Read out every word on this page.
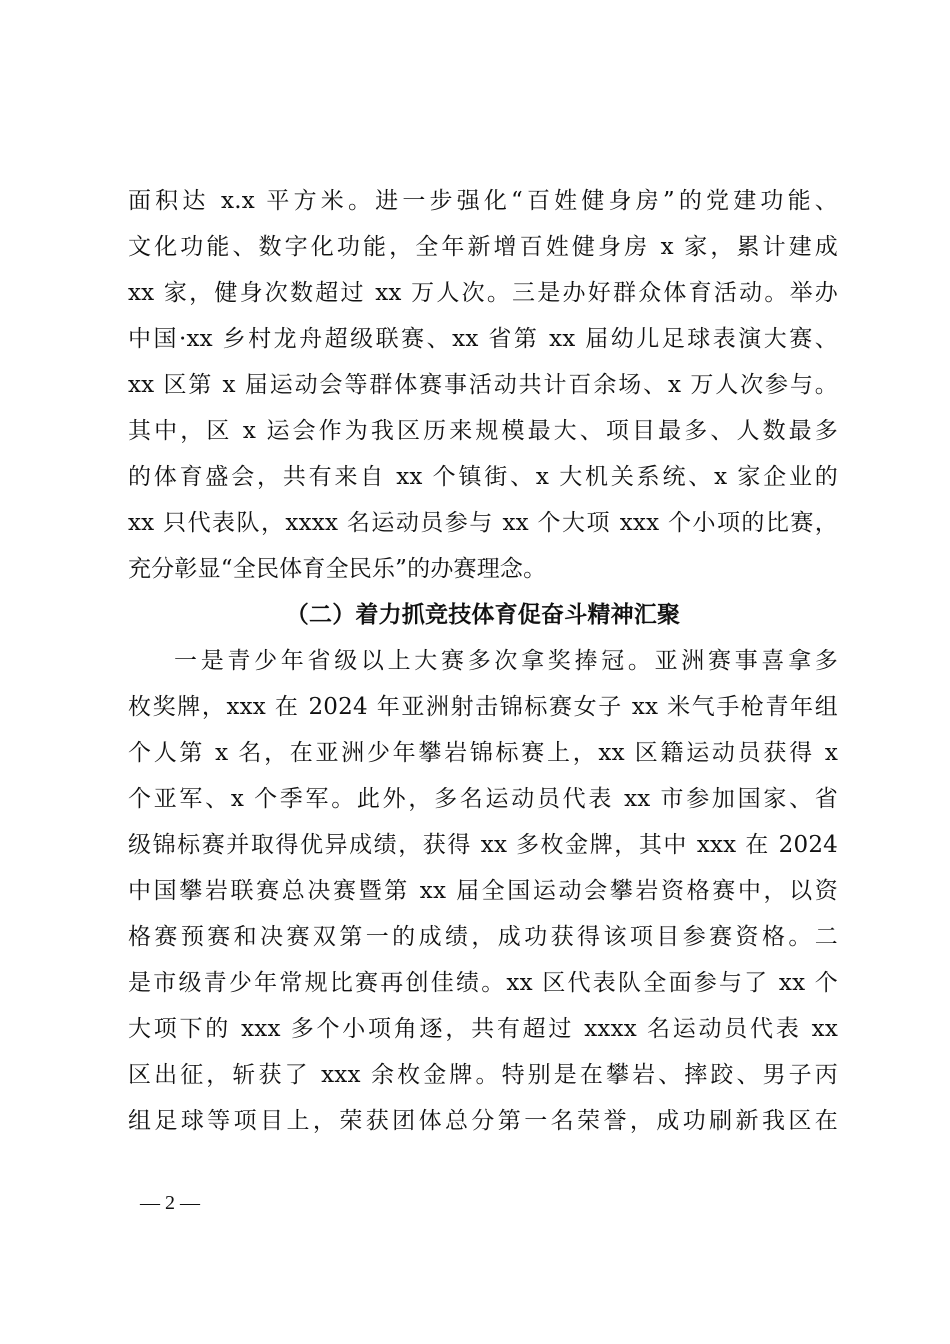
面积达 x.x 平方米。进一步强化“百姓健身房”的党建功能、
文化功能、数字化功能，全年新增百姓健身房 x 家，累计建成
xx 家，健身次数超过 xx 万人次。三是办好群众体育活动。举办
中国·xx 乡村龙舟超级联赛、xx 省第 xx 届幼儿足球表演大赛、
xx 区第 x 届运动会等群体赛事活动共计百余场、x 万人次参与。
其中，区 x 运会作为我区历来规模最大、项目最多、人数最多
的体育盛会，共有来自 xx 个镇街、x 大机关系统、x 家企业的
xx 只代表队，xxxx 名运动员参与 xx 个大项 xxx 个小项的比赛，
充分彰显“全民体育全民乐”的办赛理念。
（二）着力抓竞技体育促奋斗精神汇聚
一是青少年省级以上大赛多次拿奖捧冠。亚洲赛事喜拿多
枚奖牌，xxx 在 2024 年亚洲射击锦标赛女子 xx 米气手枪青年组
个人第 x 名，在亚洲少年攀岩锦标赛上，xx 区籍运动员获得 x
个亚军、x 个季军。此外，多名运动员代表 xx 市参加国家、省
级锦标赛并取得优异成绩，获得 xx 多枚金牌，其中 xxx 在 2024
中国攀岩联赛总决赛暨第 xx 届全国运动会攀岩资格赛中，以资
格赛预赛和决赛双第一的成绩，成功获得该项目参赛资格。二
是市级青少年常规比赛再创佳绩。xx 区代表队全面参与了 xx 个
大项下的 xxx 多个小项角逐，共有超过 xxxx 名运动员代表 xx
区出征，斩获了 xxx 余枚金牌。特别是在攀岩、摔跤、男子丙
组足球等项目上，荣获团体总分第一名荣誉，成功刷新我区在
— 2 —
